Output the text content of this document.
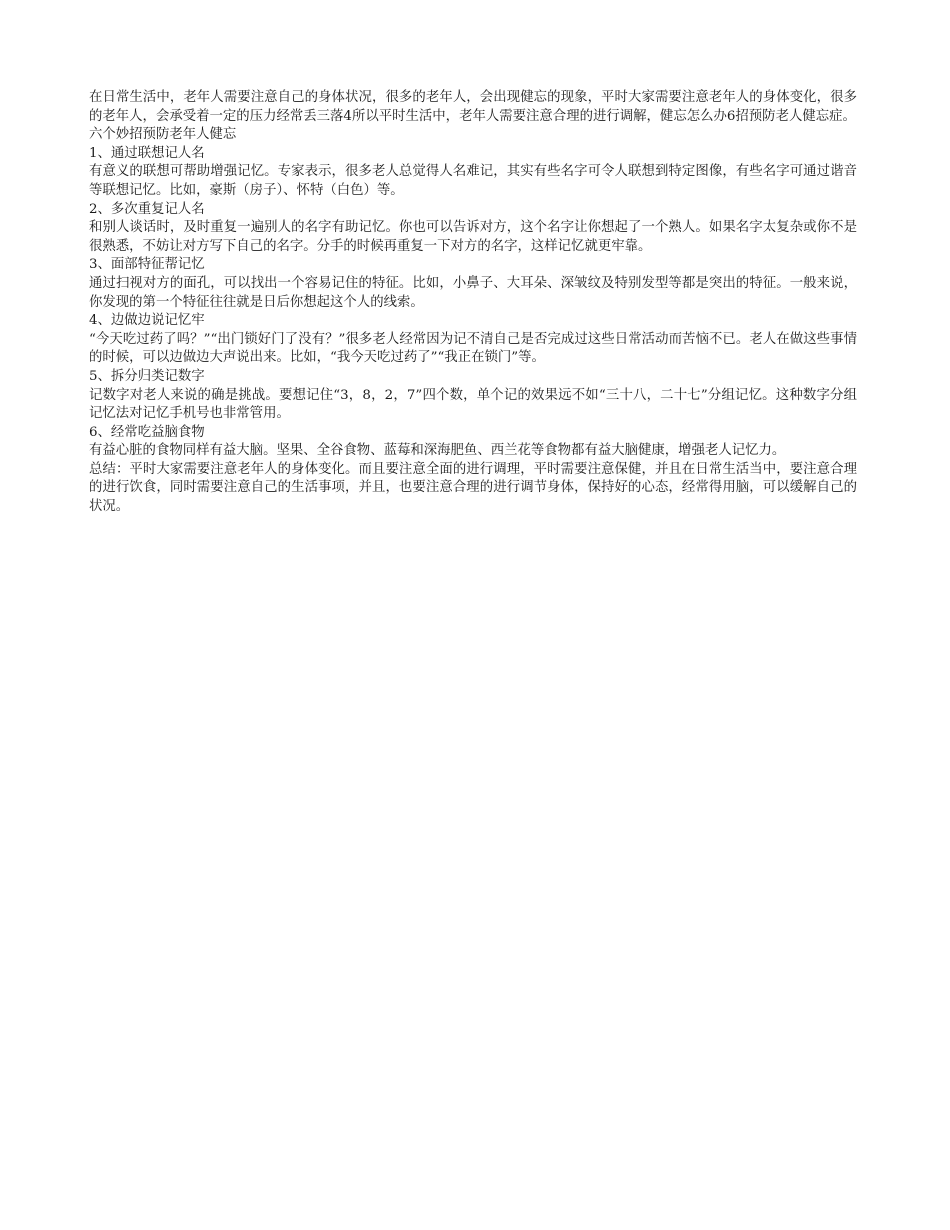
在日常生活中，老年人需要注意自己的身体状况，很多的老年人，会出现健忘的现象，平时大家需要注意老年人的身体变化，很多的老年人，会承受着一定的压力经常丢三落4所以平时生活中，老年人需要注意合理的进行调解，健忘怎么办6招预防老人健忘症。

六个妙招预防老年人健忘

1、通过联想记人名

有意义的联想可帮助增强记忆。专家表示，很多老人总觉得人名难记，其实有些名字可令人联想到特定图像，有些名字可通过谐音等联想记忆。比如，豪斯（房子）、怀特（白色）等。

2、多次重复记人名

和别人谈话时，及时重复一遍别人的名字有助记忆。你也可以告诉对方，这个名字让你想起了一个熟人。如果名字太复杂或你不是很熟悉，不妨让对方写下自己的名字。分手的时候再重复一下对方的名字，这样记忆就更牢靠。

3、面部特征帮记忆

通过扫视对方的面孔，可以找出一个容易记住的特征。比如，小鼻子、大耳朵、深皱纹及特别发型等都是突出的特征。一般来说，你发现的第一个特征往往就是日后你想起这个人的线索。

4、边做边说记忆牢

“今天吃过药了吗？”“出门锁好门了没有？”很多老人经常因为记不清自己是否完成过这些日常活动而苦恼不已。老人在做这些事情的时候，可以边做边大声说出来。比如，“我今天吃过药了”“我正在锁门”等。

5、拆分归类记数字

记数字对老人来说的确是挑战。要想记住“3，8，2，7”四个数，单个记的效果远不如“三十八，二十七”分组记忆。这种数字分组记忆法对记忆手机号也非常管用。

6、经常吃益脑食物

有益心脏的食物同样有益大脑。坚果、全谷食物、蓝莓和深海肥鱼、西兰花等食物都有益大脑健康，增强老人记忆力。

总结：平时大家需要注意老年人的身体变化。而且要注意全面的进行调理，平时需要注意保健，并且在日常生活当中，要注意合理的进行饮食，同时需要注意自己的生活事项，并且，也要注意合理的进行调节身体，保持好的心态，经常得用脑，可以缓解自己的状况。
